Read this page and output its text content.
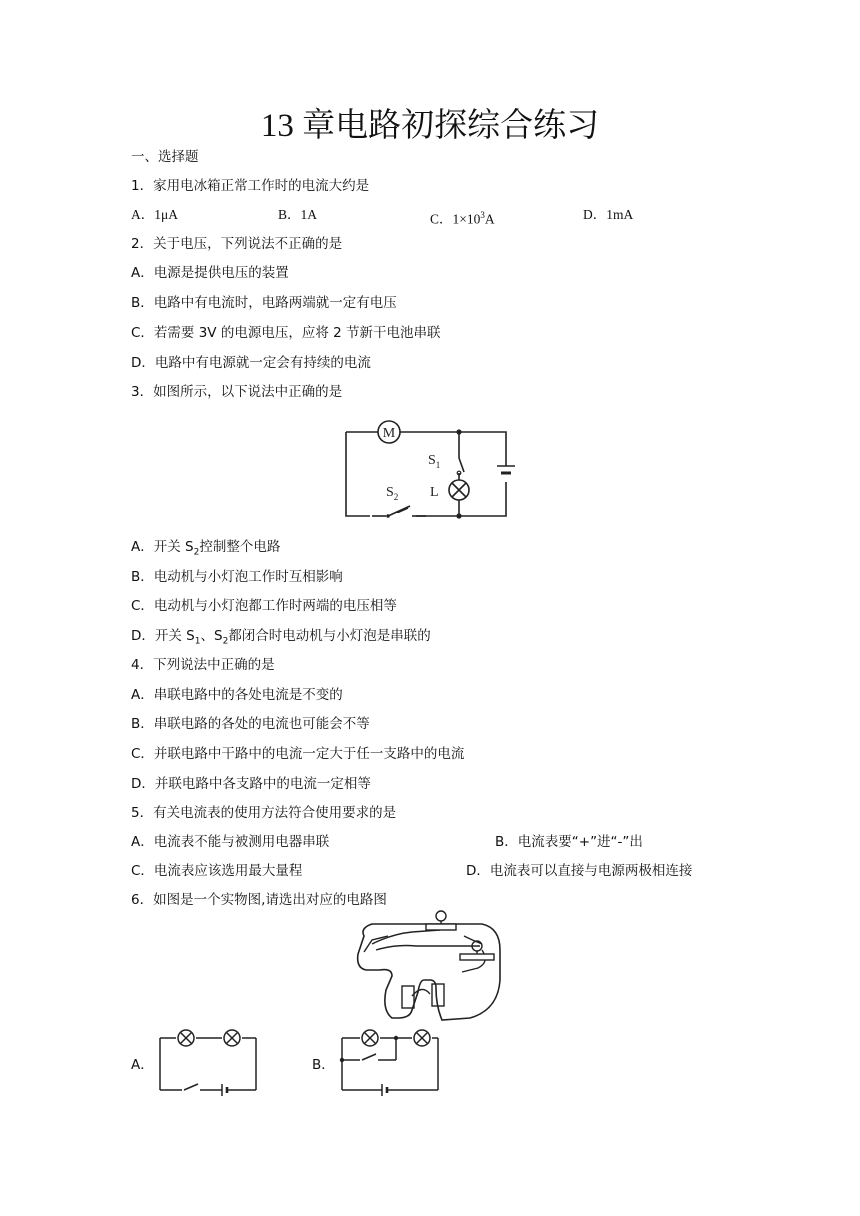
13 章电路初探综合练习
一、选择题
1．家用电冰箱正常工作时的电流大约是
A．1μA	B．1A	C．$1\times 10^3A$	D．1mA
2．关于电压，下列说法不正确的是
A．电源是提供电压的装置
B．电路中有电流时，电路两端就一定有电压
C．若需要 3V 的电源电压，应将 2 节新干电池串联
D．电路中有电源就一定会有持续的电流
3．如图所示，以下说法中正确的是
M
$S_1$
L
$S_2$
A．开关 $S_2$控制整个电路
B．电动机与小灯泡工作时互相影响
C．电动机与小灯泡都工作时两端的电压相等
D．开关 $S_1$、$S_2$都闭合时电动机与小灯泡是串联的
4．下列说法中正确的是
A．串联电路中的各处电流是不变的
B．串联电路的各处的电流也可能会不等
C．并联电路中干路中的电流一定大于任一支路中的电流
D．并联电路中各支路中的电流一定相等
5．有关电流表的使用方法符合使用要求的是
A．电流表不能与被测用电器串联	B．电流表要“+”进“-”出
C．电流表应该选用最大量程	D．电流表可以直接与电源两极相连接
6．如图是一个实物图,请选出对应的电路图
A．	B．
